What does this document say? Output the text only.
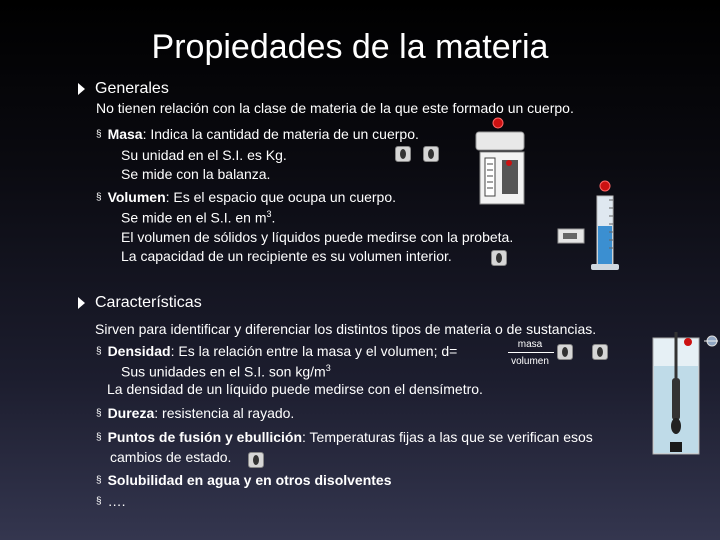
Propiedades de la materia
Generales
No tienen relación con la clase de materia de la que este formado un cuerpo.
§ Masa: Indica la cantidad de materia de un cuerpo.
Su unidad en el S.I. es Kg.
Se mide con la balanza.
§ Volumen: Es el espacio que ocupa un cuerpo.
Se mide en el S.I. en $m^3$.
El volumen de sólidos y líquidos puede medirse con la probeta.
La capacidad de un recipiente es su volumen interior.
Características
Sirven para identificar y diferenciar los distintos tipos de materia o de sustancias.
§ Densidad: Es la relación entre la masa y el volumen; d=	masa
volumen
Sus unidades en el S.I. son $kg/m^3$
La densidad de un líquido puede medirse con el densímetro.
§ Dureza: resistencia al rayado.
§ Puntos de fusión y ebullición: Temperaturas fijas a las que se verifican esos
cambios de estado.
§ Solubilidad en agua y en otros disolventes
§ ….
